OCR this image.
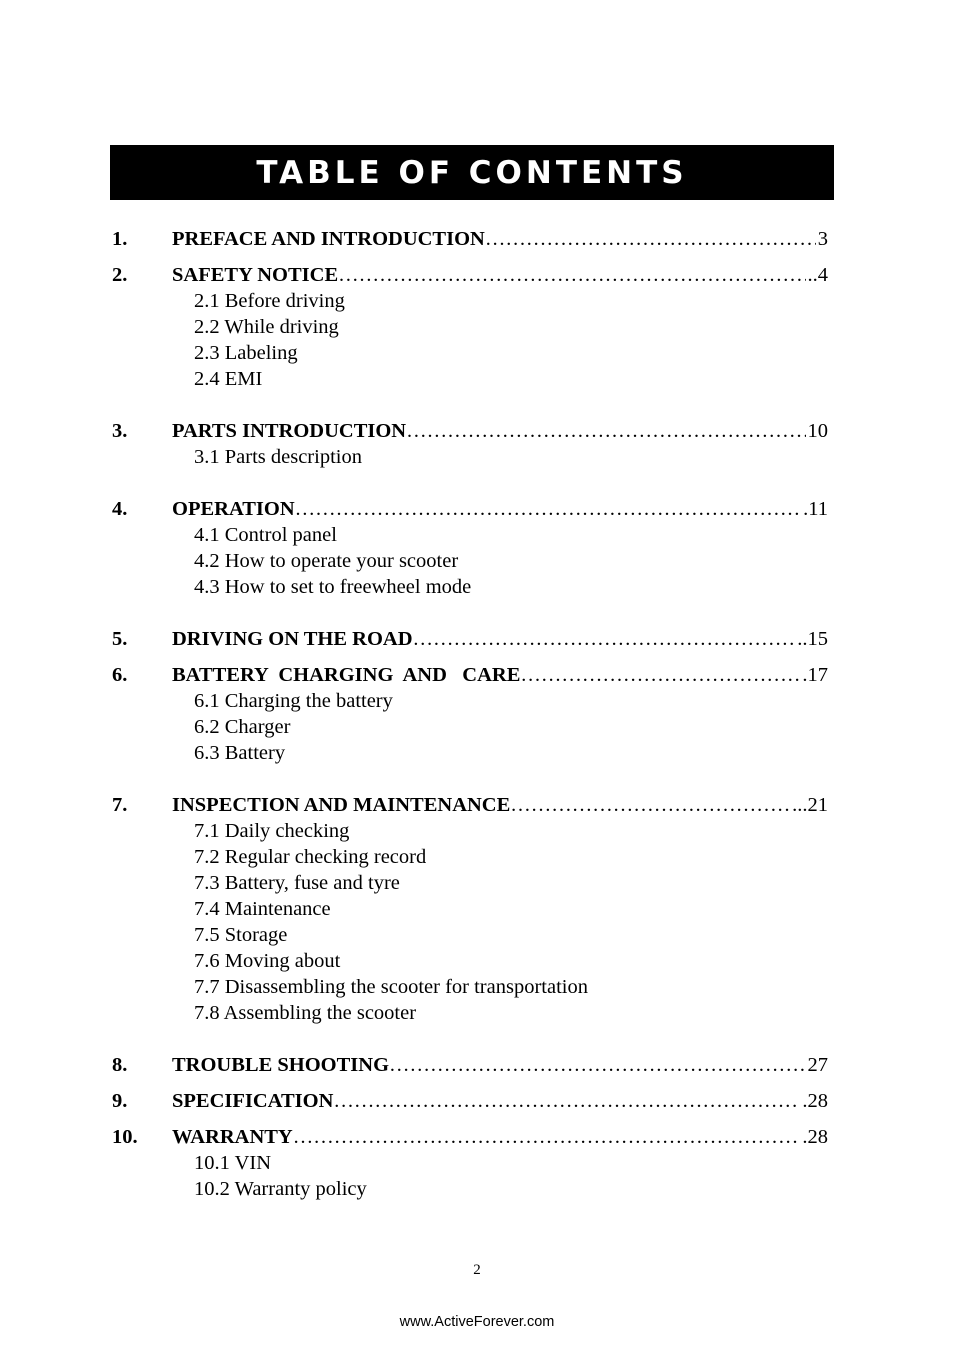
TABLE OF CONTENTS
1.	PREFACE AND INTRODUCTION ……………………………………………………………………………………………………………………………………………	3
2.	SAFETY NOTICE ……………………………………………………………………………………………………………………………………………	..4
2.1 Before driving
2.2 While driving
2.3 Labeling
2.4 EMI
3.	PARTS INTRODUCTION ……………………………………………………………………………………………………………………………………………	10
3.1 Parts description
4.	OPERATION ……………………………………………………………………………………………………………………………………………	.11
4.1 Control panel
4.2 How to operate your scooter
4.3 How to set to freewheel mode
5.	DRIVING ON THE ROAD ……………………………………………………………………………………………………………………………………………	..15
6.	BATTERY  CHARGING  AND   CARE ……………………………………………………………………………………………………………………………………………	.17
6.1 Charging the battery
6.2 Charger
6.3 Battery
7.	INSPECTION AND MAINTENANCE ……………………………………………………………………………………………………………………………………………	...21
7.1 Daily checking
7.2 Regular checking record
7.3 Battery, fuse and tyre
7.4 Maintenance
7.5 Storage
7.6 Moving about
7.7 Disassembling the scooter for transportation
7.8 Assembling the scooter
8.	TROUBLE SHOOTING ……………………………………………………………………………………………………………………………………………	27
9.	SPECIFICATION ……………………………………………………………………………………………………………………………………………	.28
10.	WARRANTY ……………………………………………………………………………………………………………………………………………	.28
10.1 VIN
10.2 Warranty policy
2
www.ActiveForever.com
